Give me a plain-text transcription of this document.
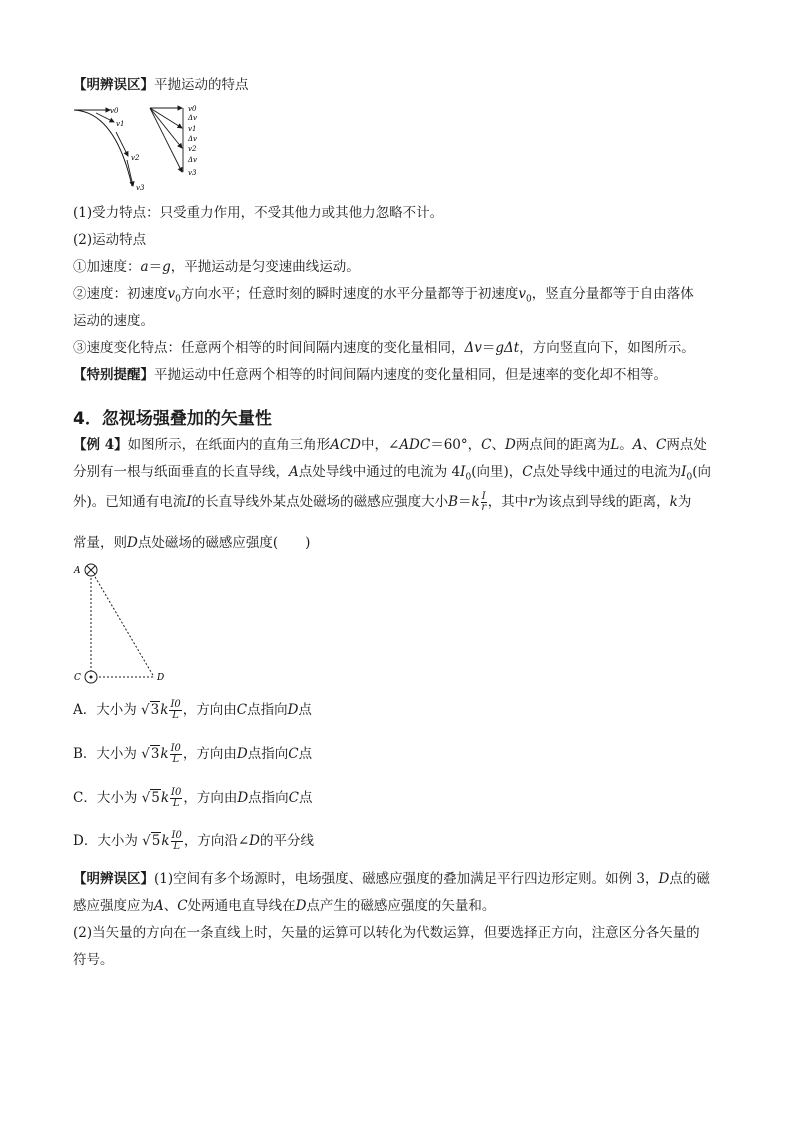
【明辨误区】平抛运动的特点
v0
v1
v2
v3
v0
Δv
v1
Δv
v2
Δv
v3
(1)受力特点：只受重力作用，不受其他力或其他力忽略不计。
(2)运动特点
①加速度：a＝g，平抛运动是匀变速曲线运动。
②速度：初速度$v_0$方向水平；任意时刻的瞬时速度的水平分量都等于初速度$v_0$，竖直分量都等于自由落体
运动的速度。
③速度变化特点：任意两个相等的时间间隔内速度的变化量相同，Δv＝gΔt，方向竖直向下，如图所示。
【特别提醒】平抛运动中任意两个相等的时间间隔内速度的变化量相同，但是速率的变化却不相等。
4．忽视场强叠加的矢量性
【例 4】如图所示，在纸面内的直角三角形ACD中，∠ADC＝60°，C、D两点间的距离为L。A、C两点处
分别有一根与纸面垂直的长直导线，A点处导线中通过的电流为 $4I_0$(向里)，C点处导线中通过的电流为$I_0$(向
外)。已知通有电流I的长直导线外某点处磁场的磁感应强度大小$B=k \frac{I}{r}$ ，其中r为该点到导线的距离，k为
常量，则D点处磁场的磁感应强度(　　)
A
C	D
A．大小为 $√3k \frac{I0}{L}$ ，方向由C点指向D点
B．大小为 $√3k \frac{I0}{L}$ ，方向由D点指向C点
C．大小为 $√5k \frac{I0}{L}$ ，方向由D点指向C点
D．大小为 $√5k \frac{I0}{L}$ ，方向沿∠D的平分线
【明辨误区】(1)空间有多个场源时，电场强度、磁感应强度的叠加满足平行四边形定则。如例 3，D点的磁
感应强度应为A、C处两通电直导线在D点产生的磁感应强度的矢量和。
(2)当矢量的方向在一条直线上时，矢量的运算可以转化为代数运算，但要选择正方向，注意区分各矢量的
符号。
